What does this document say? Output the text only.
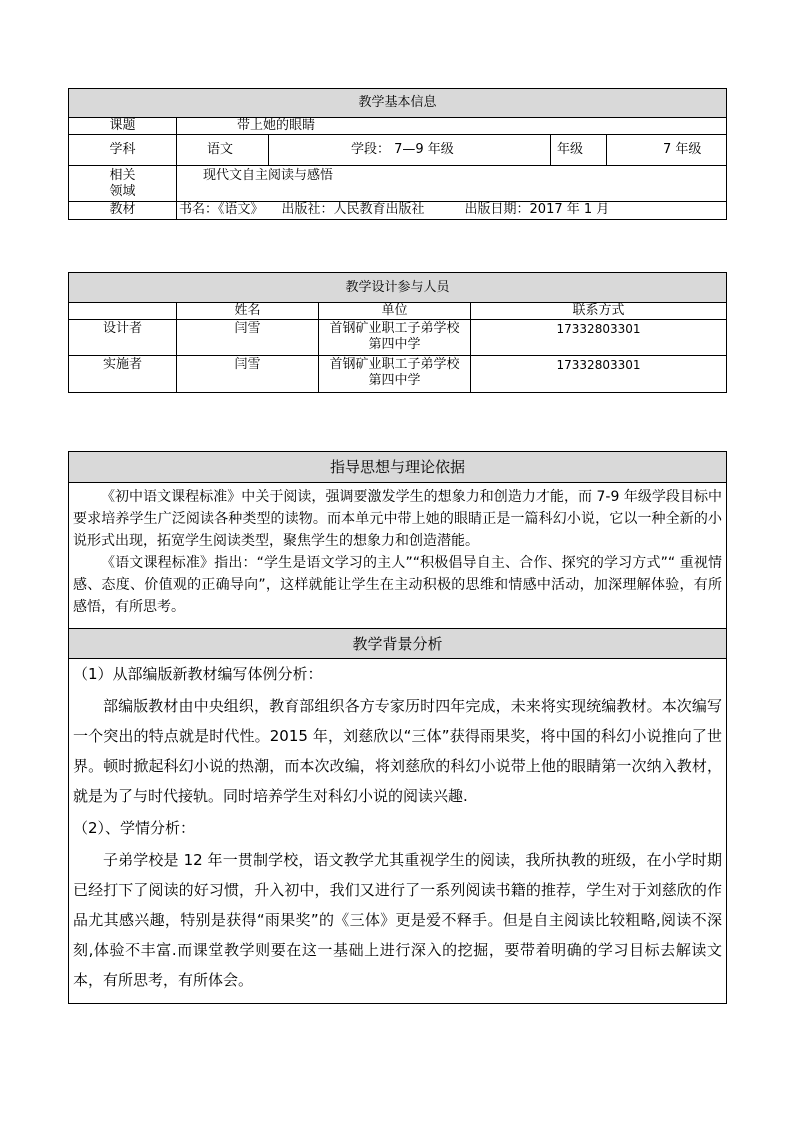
教学基本信息				
课题	带上她的眼睛			
学科	语文	学段： 7—9 年级	年级	7 年级

相关
领域	现代文自主阅读与感悟			
教材	书名：《语文》 出版社：人民教育出版社 出版日期：2017 年 1 月			
教学设计参与人员			
	姓名	单位	联系方式
设计者	闫雪	首钢矿业职工子弟学校
第四中学	17332803301
实施者	闫雪	首钢矿业职工子弟学校
第四中学	17332803301
指导思想与理论依据

《初中语文课程标准》中关于阅读，强调要激发学生的想象力和创造力才能，而 7-9 年级学段目标中要求培养学生广泛阅读各种类型的读物。而本单元中带上她的眼睛正是一篇科幻小说，它以一种全新的小说形式出现，拓宽学生阅读类型，聚焦学生的想象力和创造潜能。
《语文课程标准》指出：“学生是语文学习的主人”“积极倡导自主、合作、探究的学习方式”“ 重视情感、态度、价值观的正确导向”，这样就能让学生在主动积极的思维和情感中活动，加深理解体验，有所感悟，有所思考。

教学背景分析

（1）从部编版新教材编写体例分析：
部编版教材由中央组织，教育部组织各方专家历时四年完成，未来将实现统编教材。本次编写一个突出的特点就是时代性。2015 年，刘慈欣以“三体”获得雨果奖，将中国的科幻小说推向了世界。顿时掀起科幻小说的热潮，而本次改编，将刘慈欣的科幻小说带上他的眼睛第一次纳入教材，就是为了与时代接轨。同时培养学生对科幻小说的阅读兴趣.
（2）、学情分析：
子弟学校是 12 年一贯制学校，语文教学尤其重视学生的阅读，我所执教的班级，在小学时期已经打下了阅读的好习惯，升入初中，我们又进行了一系列阅读书籍的推荐，学生对于刘慈欣的作品尤其感兴趣，特别是获得“雨果奖”的《三体》更是爱不释手。但是自主阅读比较粗略,阅读不深刻,体验不丰富.而课堂教学则要在这一基础上进行深入的挖掘，要带着明确的学习目标去解读文本，有所思考，有所体会。
